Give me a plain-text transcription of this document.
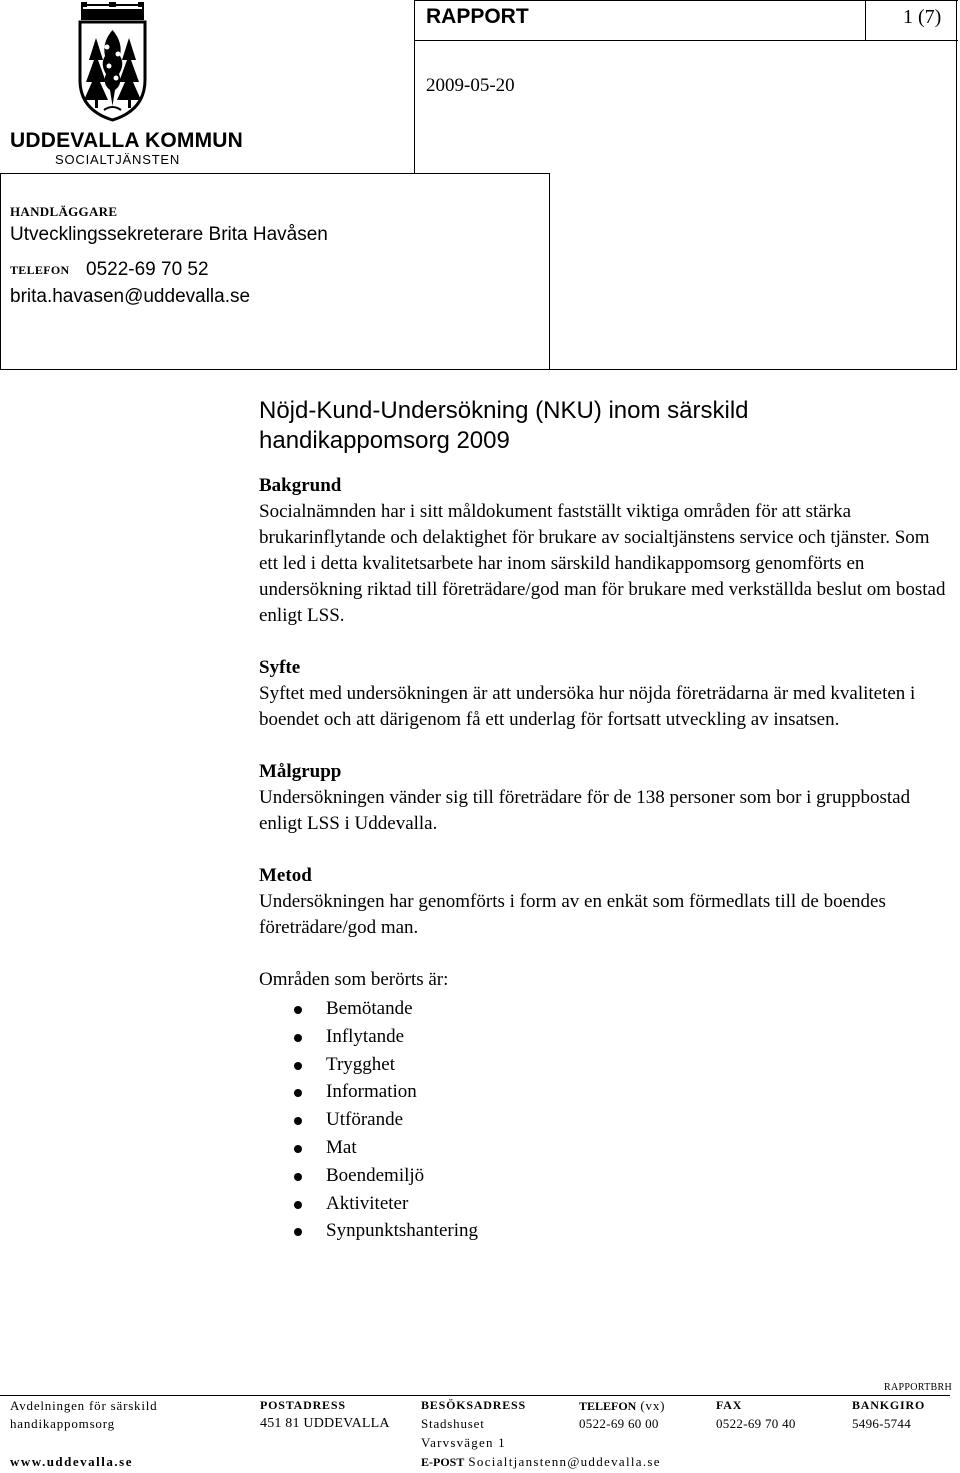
UDDEVALLA KOMMUN
SOCIALTJÄNSTEN
RAPPORT	1 (7)
2009-05-20
HANDLÄGGARE
Utvecklingssekreterare Brita Havåsen
TELEFON 0522-69 70 52
brita.havasen@uddevalla.se
Nöjd-Kund-Undersökning (NKU) inom särskild
handikappomsorg 2009
Bakgrund

Socialnämnden har i sitt måldokument fastställt viktiga områden för att stärka brukarinflytande och delaktighet för brukare av socialtjänstens service och tjänster. Som ett led i detta kvalitetsarbete har inom särskild handikappomsorg genomförts en undersökning riktad till företrädare/god man för brukare med verkställda beslut om bostad enligt LSS.

Syfte

Syftet med undersökningen är att undersöka hur nöjda företrädarna är med kvaliteten i boendet och att därigenom få ett underlag för fortsatt utveckling av insatsen.

Målgrupp

Undersökningen vänder sig till företrädare för de 138 personer som bor i gruppbostad enligt LSS i Uddevalla.

Metod

Undersökningen har genomförts i form av en enkät som förmedlats till de boendes företrädare/god man.

Områden som berörts är:

Bemötande
Inflytande
Trygghet
Information
Utförande
Mat
Boendemiljö
Aktiviteter
Synpunktshantering
RAPPORTBRH
Avdelningen för särskild
handikappomsorg
www.uddevalla.se
POSTADRESS
451 81 UDDEVALLA
BESÖKSADRESS
Stadshuset
Varvsvägen 1
E-POST Socialtjanstenn@uddevalla.se
TELEFON (vx)
0522-69 60 00
FAX
0522-69 70 40
BANKGIRO
5496-5744
